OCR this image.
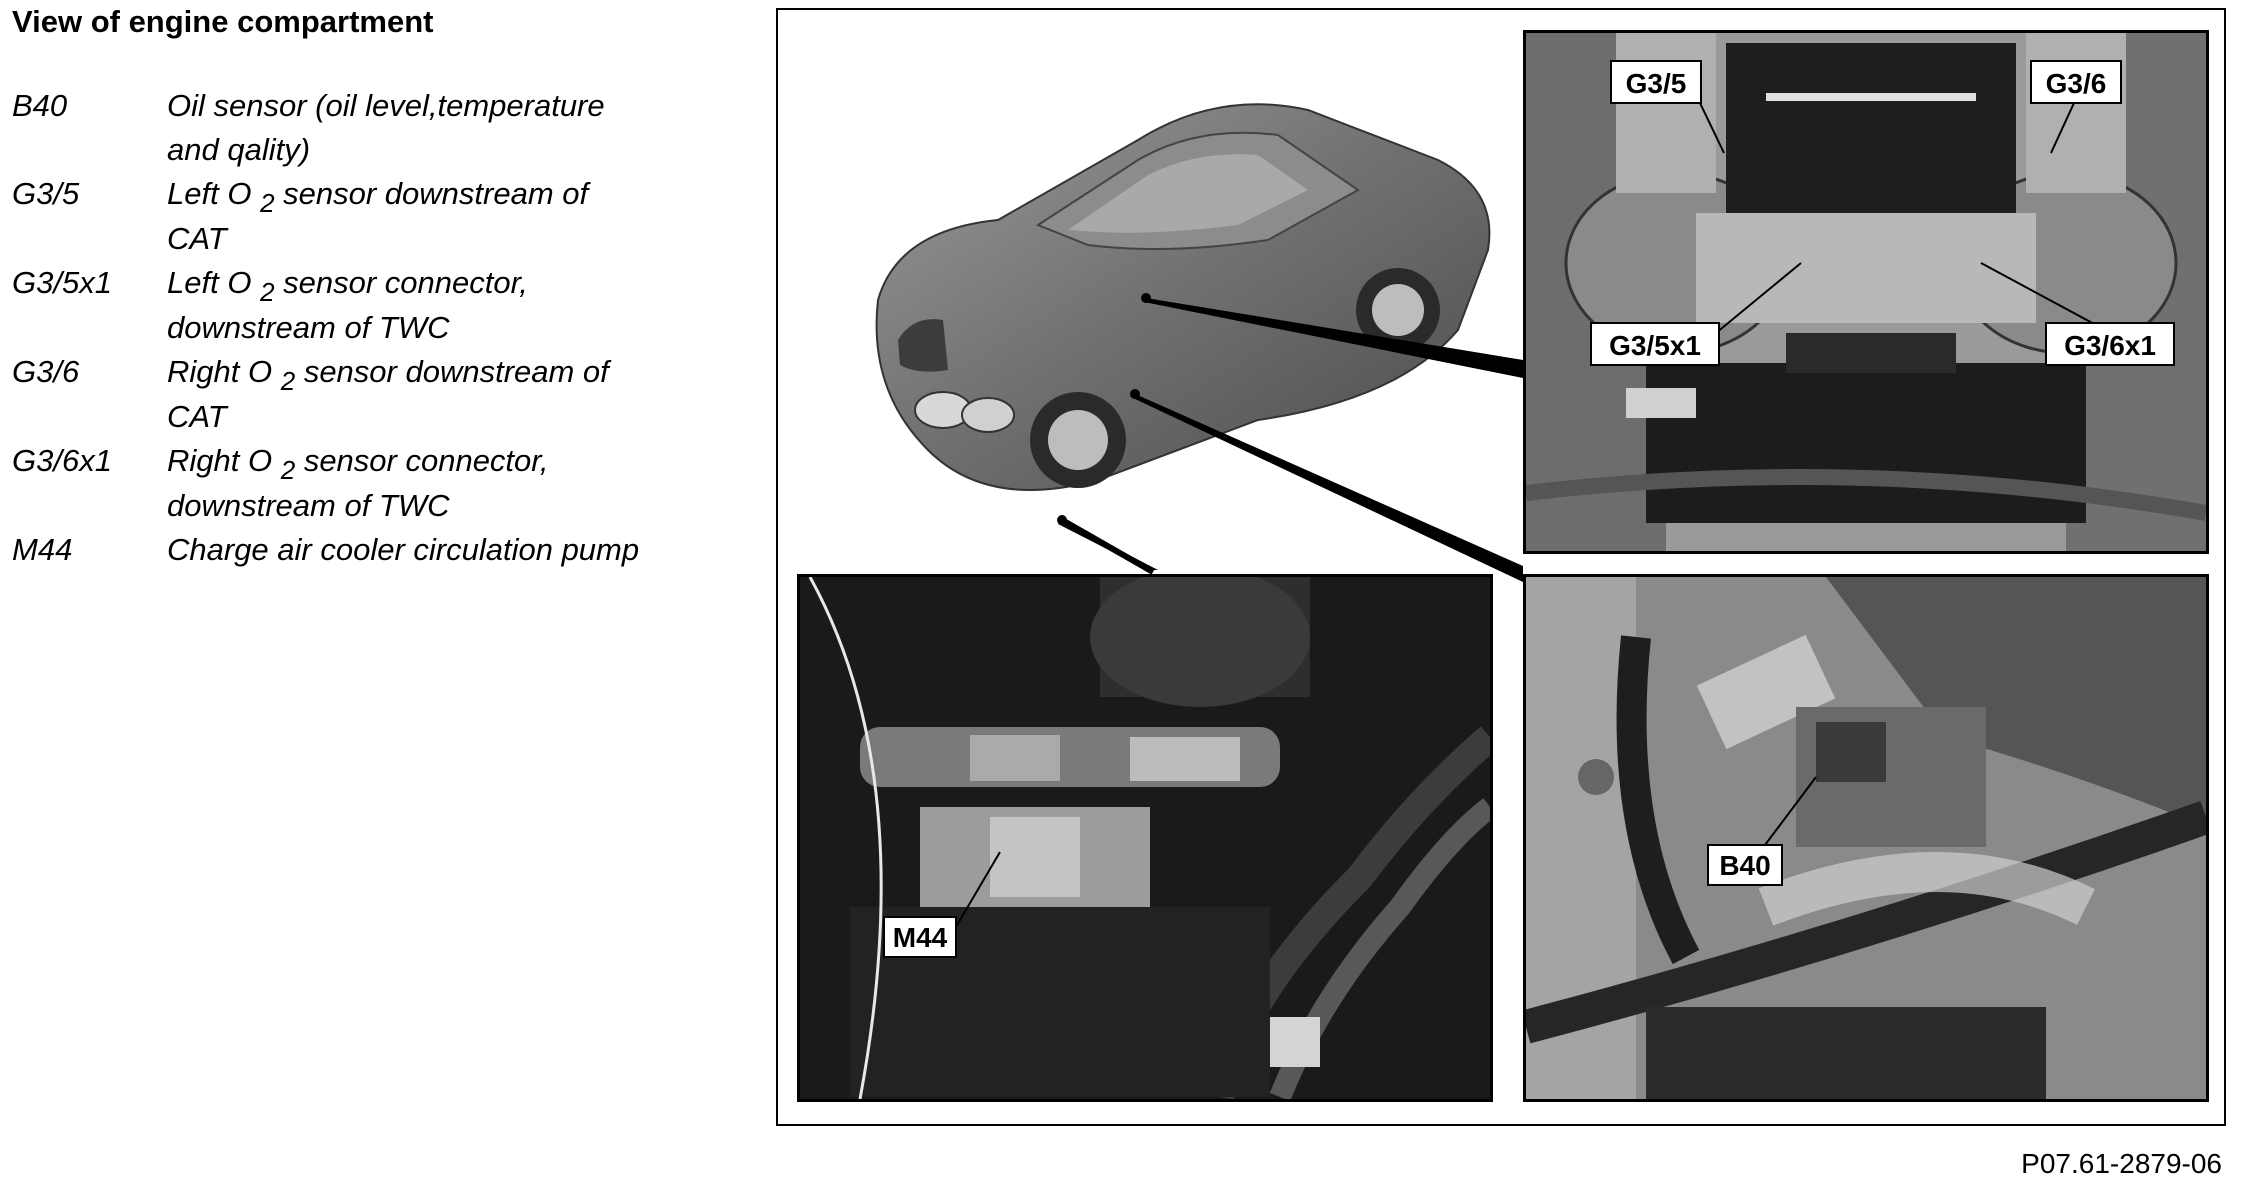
View of engine compartment
B40	Oil sensor (oil level,temperature
and qality)
G3/5	Left O $_2$ sensor downstream of
CAT
G3/5x1 Left O $_2$ sensor connector,
downstream of TWC
G3/6	Right O $_2$ sensor downstream of
CAT
G3/6x1 Right O $_2$ sensor connector,
downstream of TWC
M44	Charge air cooler circulation pump
G3/5	G3/6
G3/5x1	G3/6x1
M44
B40
P07.61-2879-06
